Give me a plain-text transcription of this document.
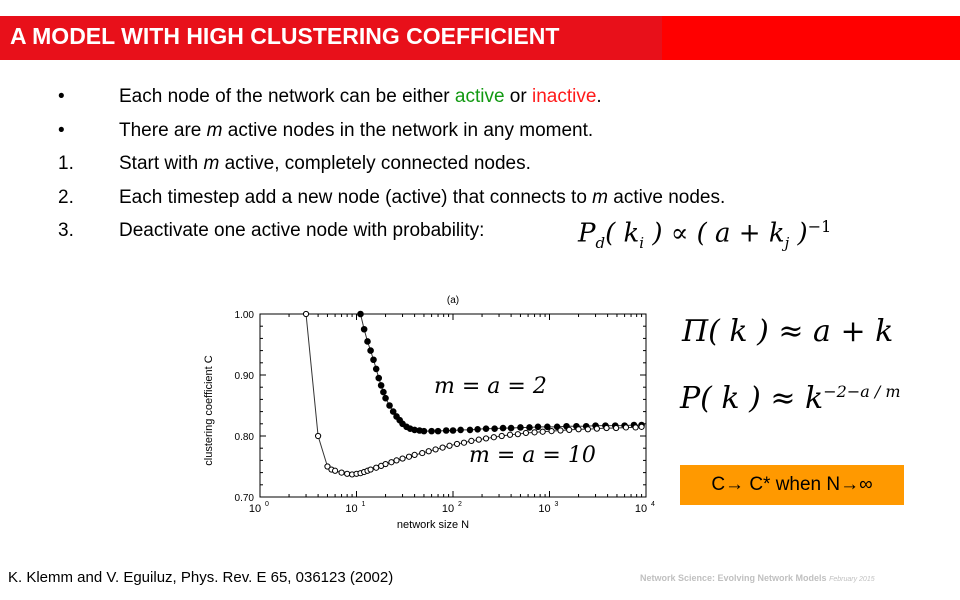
A MODEL WITH HIGH CLUSTERING COEFFICIENT
•	Each node of the network can be either active or inactive.
•	There are m active nodes in the network in any moment.
1.	Start with m active, completely connected nodes.
2.	Each timestep add a new node (active) that connects to m active nodes.
3.	Deactivate one active node with probability:	$P_d$( $k_i$ ) ∝ ( $a + k_j$ )$^{-1}$
Π( k ) ≈ a + k
P( k ) ≈ $k^{-2-a / m}$
10 0	10 1	10 2	10 3	10 4
0.70
0.80
0.90
1.00
network size N
clustering coefficient C
(a)
m = a = 2
m = a = 10
C→ C* when N→∞
K. Klemm and V. Eguiluz, Phys. Rev. E 65, 036123 (2002)	Network Science: Evolving Network Models February 2015
